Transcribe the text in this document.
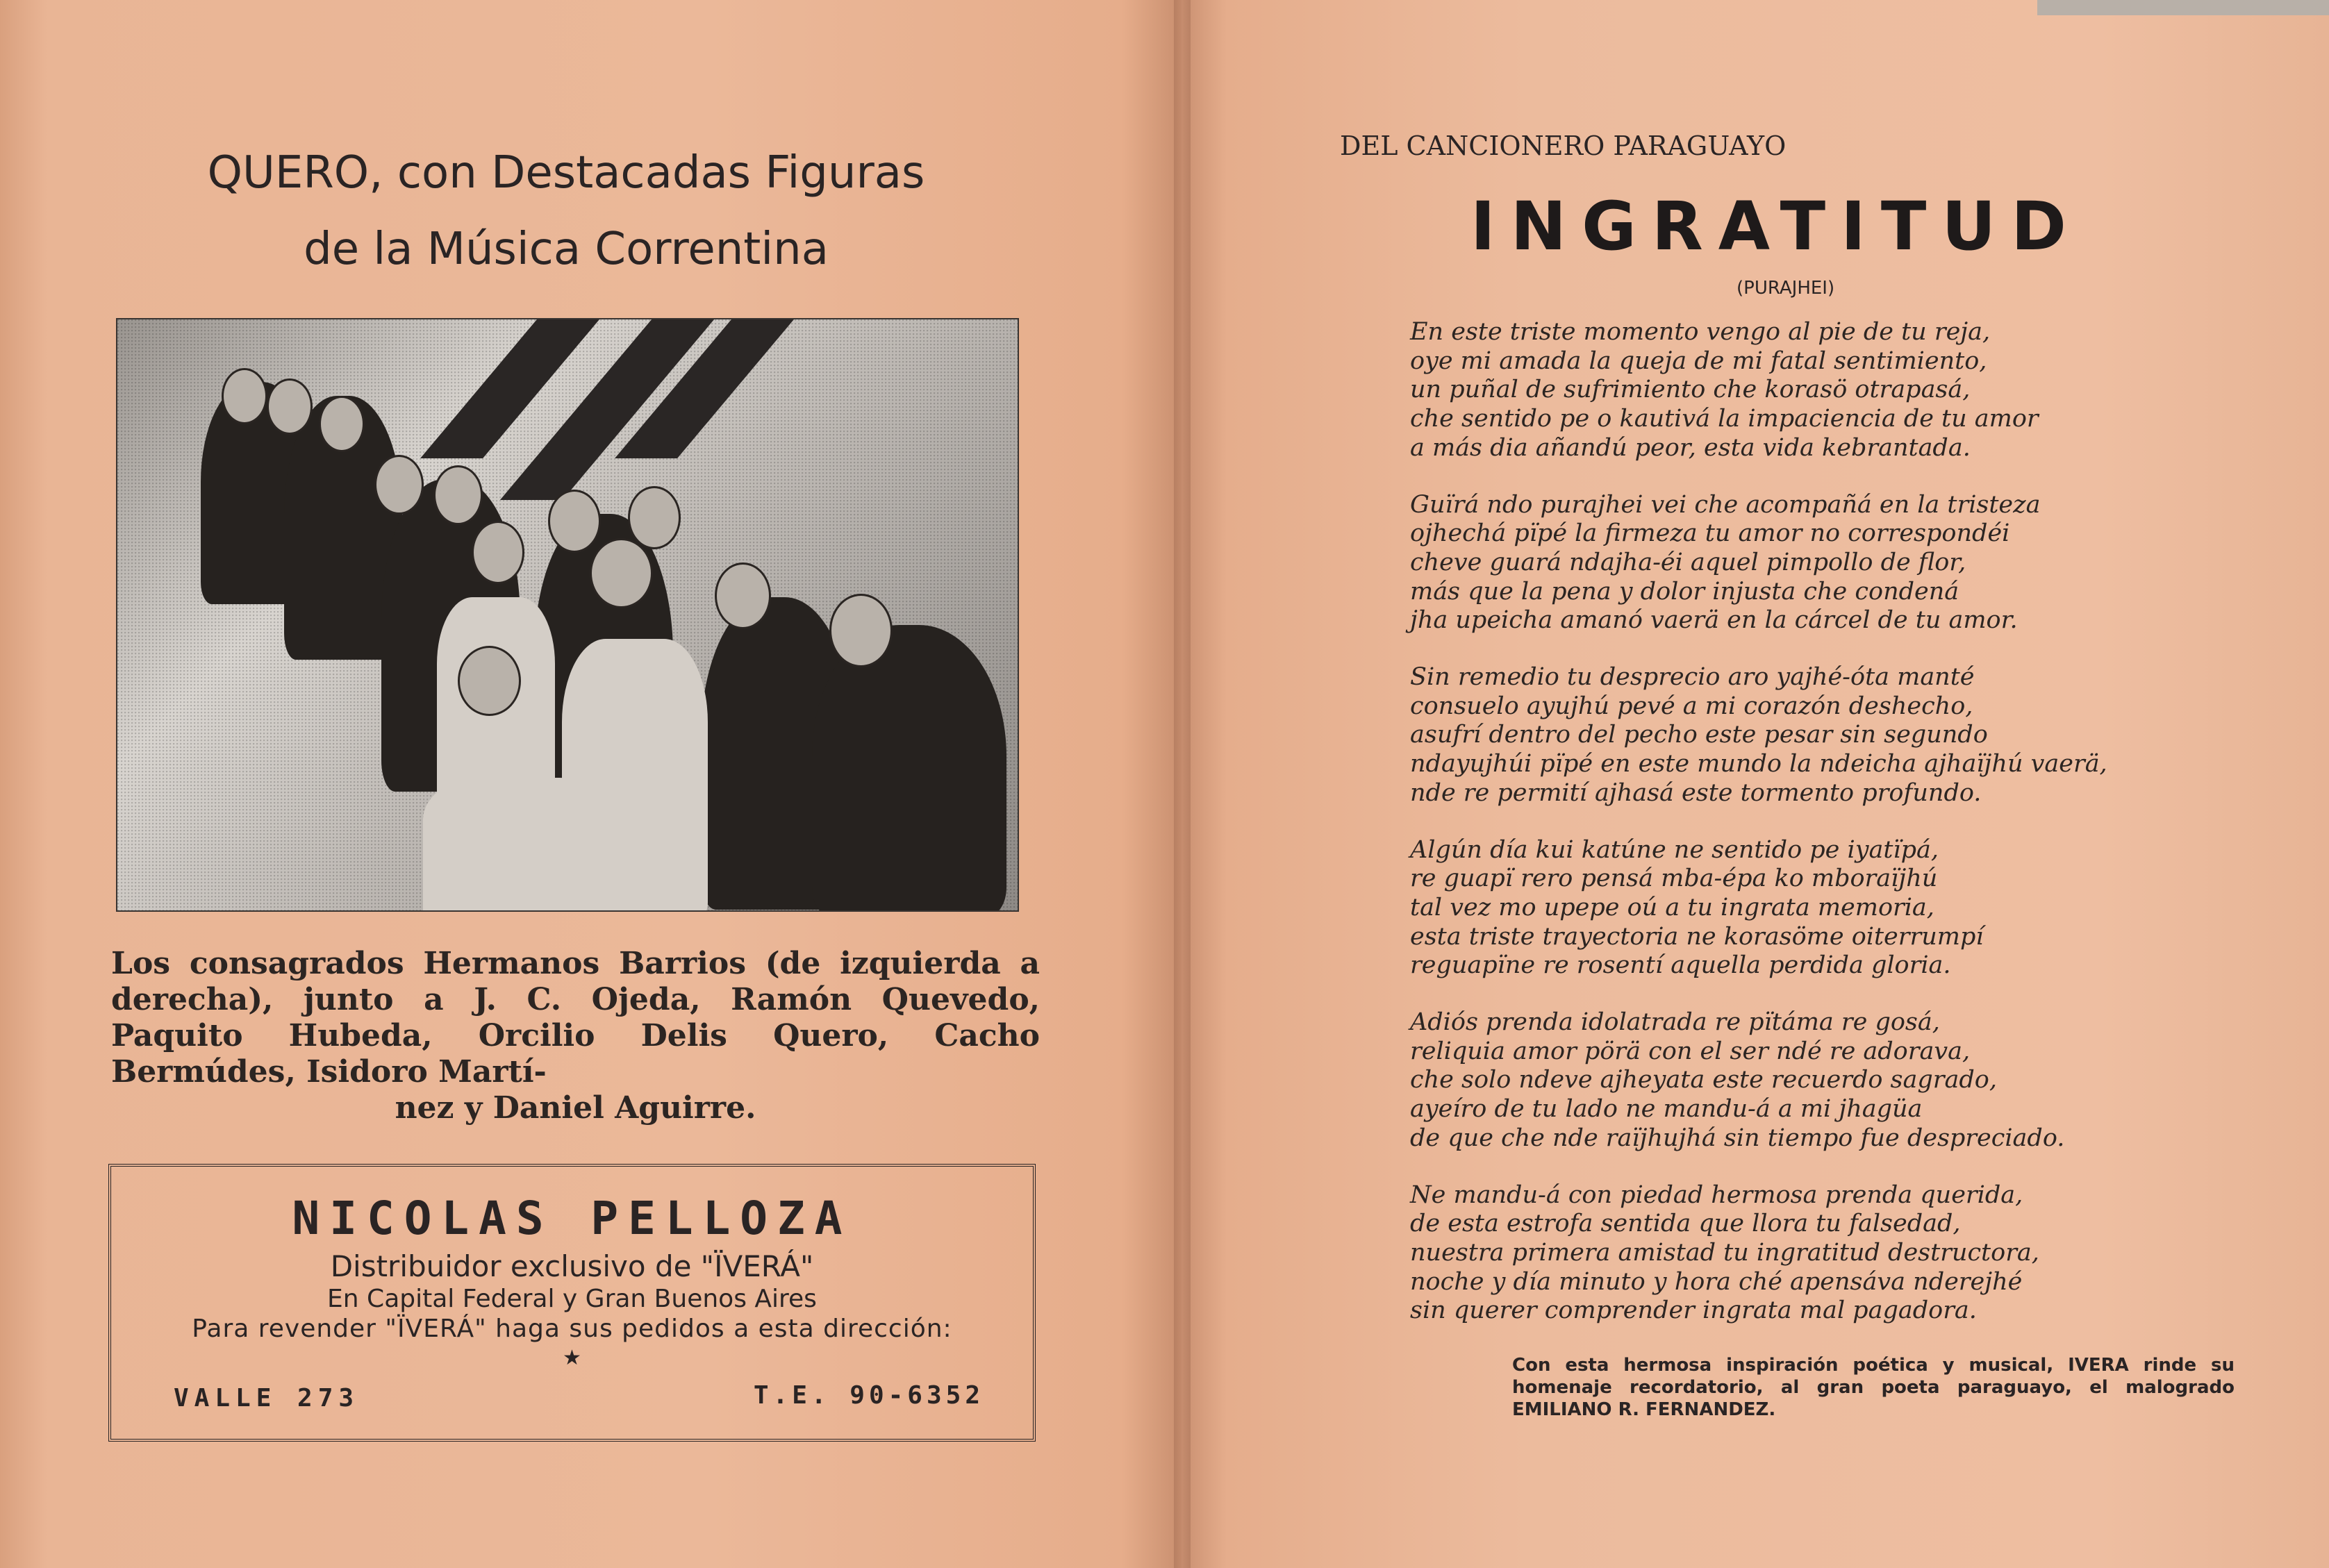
QUERO, con Destacadas Figuras
de la Música Correntina
Los consagrados Hermanos Barrios (de izquierda a derecha), junto a J. C. Ojeda, Ramón Quevedo, Paquito Hubeda, Orcilio Delis Quero, Cacho Bermúdes, Isidoro Martí-
nez y Daniel Aguirre.
NICOLAS PELLOZA
Distribuidor exclusivo de "ÏVERÁ"
En Capital Federal y Gran Buenos Aires
Para revender "ÏVERÁ" haga sus pedidos a esta dirección:
★
VALLE 273	T.E. 90-6352
DEL CANCIONERO PARAGUAYO
INGRATITUD
(PURAJHEI)
En este triste momento vengo al pie de tu reja,
oye mi amada la queja de mi fatal sentimiento,
un puñal de sufrimiento che korasö otrapasá,
che sentido pe o kautivá la impaciencia de tu amor
a más dia añandú peor, esta vida kebrantada.
Guïrá ndo purajhei vei che acompañá en la tristeza
ojhechá pïpé la firmeza tu amor no correspondéi
cheve guará ndajha-éi aquel pimpollo de flor,
más que la pena y dolor injusta che condená
jha upeicha amanó vaerä en la cárcel de tu amor.
Sin remedio tu desprecio aro yajhé-óta manté
consuelo ayujhú pevé a mi corazón deshecho,
asufrí dentro del pecho este pesar sin segundo
ndayujhúi pïpé en este mundo la ndeicha ajhaïjhú vaerä,
nde re permití ajhasá este tormento profundo.
Algún día kui katúne ne sentido pe iyatïpá,
re guapï rero pensá mba-épa ko mboraïjhú
tal vez mo upepe oú a tu ingrata memoria,
esta triste trayectoria ne korasöme oiterrumpí
reguapïne re rosentí aquella perdida gloria.
Adiós prenda idolatrada re pïtáma re gosá,
reliquia amor pörä con el ser ndé re adorava,
che solo ndeve ajheyata este recuerdo sagrado,
ayeíro de tu lado ne mandu-á a mi jhagüa
de que che nde raïjhujhá sin tiempo fue despreciado.
Ne mandu-á con piedad hermosa prenda querida,
de esta estrofa sentida que llora tu falsedad,
nuestra primera amistad tu ingratitud destructora,
noche y día minuto y hora ché apensáva nderejhé
sin querer comprender ingrata mal pagadora.
Con esta hermosa inspiración poética y musical, IVERA rinde su homenaje recordatorio, al gran poeta paraguayo, el malogrado EMILIANO R. FERNANDEZ.
